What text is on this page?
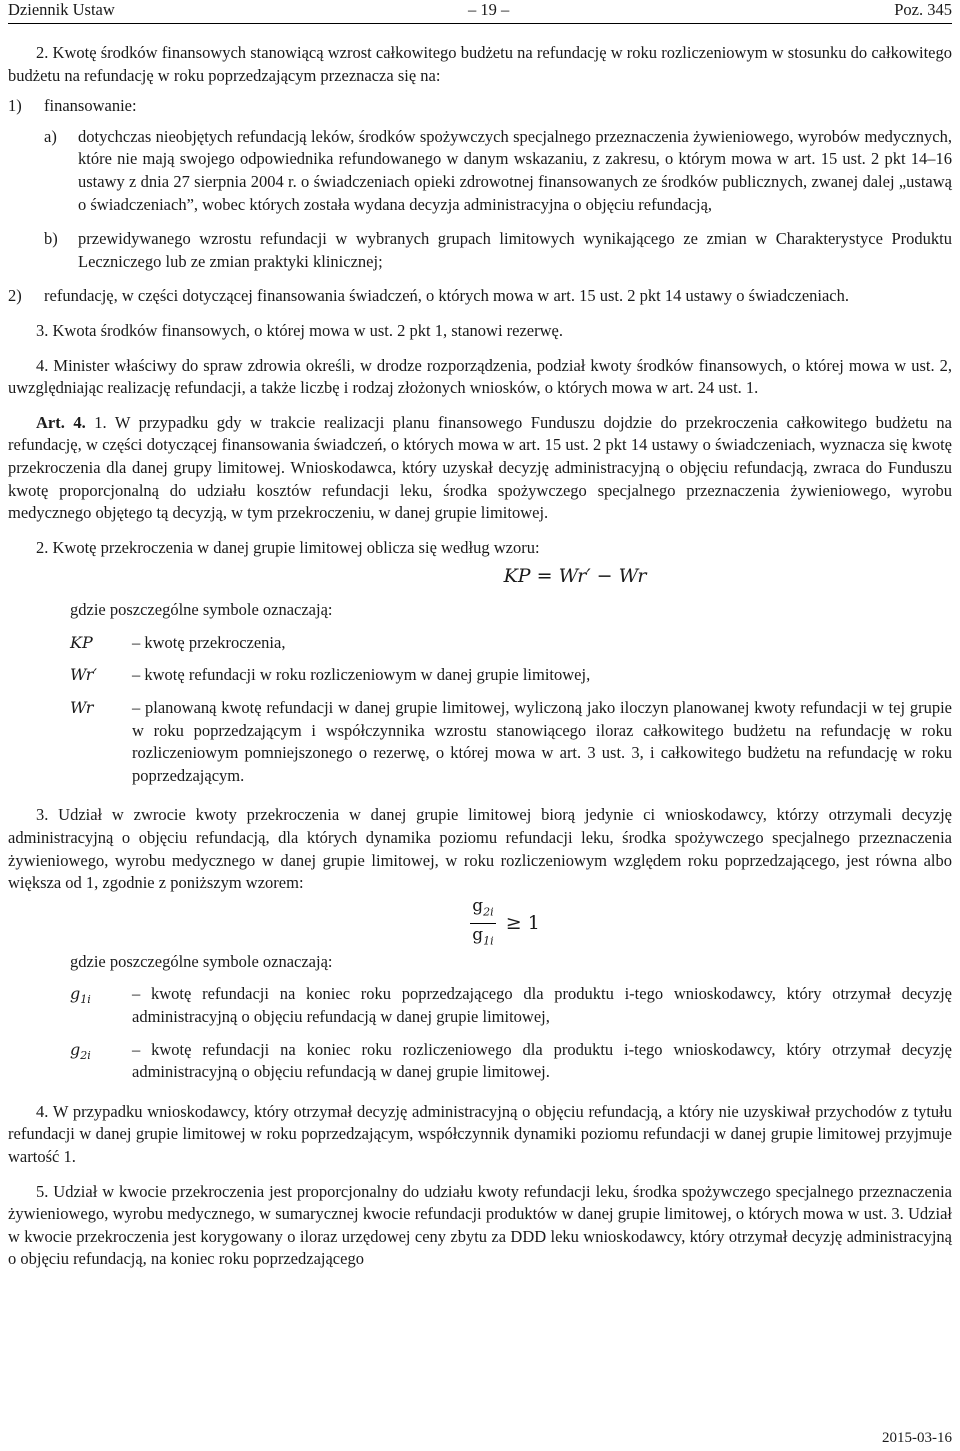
Dziennik Ustaw	– 19 –	Poz. 345

2. Kwotę środków finansowych stanowiącą wzrost całkowitego budżetu na refundację w roku rozliczeniowym w stosunku do całkowitego budżetu na refundację w roku poprzedzającym przeznacza się na:

1)	finansowanie:
a)	dotychczas nieobjętych refundacją leków, środków spożywczych specjalnego przeznaczenia żywieniowego, wyrobów medycznych, które nie mają swojego odpowiednika refundowanego w danym wskazaniu, z zakresu, o którym mowa w art. 15 ust. 2 pkt 14–16 ustawy z dnia 27 sierpnia 2004 r. o świadczeniach opieki zdrowotnej finansowanych ze środków publicznych, zwanej dalej „ustawą o świadczeniach”, wobec których została wydana decyzja administracyjna o objęciu refundacją,
b)	przewidywanego wzrostu refundacji w wybranych grupach limitowych wynikającego ze zmian w Charakterystyce Produktu Leczniczego lub ze zmian praktyki klinicznej;
2)	refundację, w części dotyczącej finansowania świadczeń, o których mowa w art. 15 ust. 2 pkt 14 ustawy o świadczeniach.

3. Kwota środków finansowych, o której mowa w ust. 2 pkt 1, stanowi rezerwę.

4. Minister właściwy do spraw zdrowia określi, w drodze rozporządzenia, podział kwoty środków finansowych, o której mowa w ust. 2, uwzględniając realizację refundacji, a także liczbę i rodzaj złożonych wniosków, o których mowa w art. 24 ust. 1.

Art. 4. 1. W przypadku gdy w trakcie realizacji planu finansowego Funduszu dojdzie do przekroczenia całkowitego budżetu na refundację, w części dotyczącej finansowania świadczeń, o których mowa w art. 15 ust. 2 pkt 14 ustawy o świadczeniach, wyznacza się kwotę przekroczenia dla danej grupy limitowej. Wnioskodawca, który uzyskał decyzję administracyjną o objęciu refundacją, zwraca do Funduszu kwotę proporcjonalną do udziału kosztów refundacji leku, środka spożywczego specjalnego przeznaczenia żywieniowego, wyrobu medycznego objętego tą decyzją, w tym przekroczeniu, w danej grupie limitowej.

2. Kwotę przekroczenia w danej grupie limitowej oblicza się według wzoru:

KP = Wr′ − Wr

gdzie poszczególne symbole oznaczają:

KP	– kwotę przekroczenia,
Wr′	– kwotę refundacji w roku rozliczeniowym w danej grupie limitowej,
Wr	– planowaną kwotę refundacji w danej grupie limitowej, wyliczoną jako iloczyn planowanej kwoty refundacji w tej grupie w roku poprzedzającym i współczynnika wzrostu stanowiącego iloraz całkowitego budżetu na refundację w roku rozliczeniowym pomniejszonego o rezerwę, o której mowa w art. 3 ust. 3, i całkowitego budżetu na refundację w roku poprzedzającym.

3. Udział w zwrocie kwoty przekroczenia w danej grupie limitowej biorą jedynie ci wnioskodawcy, którzy otrzymali decyzję administracyjną o objęciu refundacją, dla których dynamika poziomu refundacji leku, środka spożywczego specjalnego przeznaczenia żywieniowego, wyrobu medycznego w danej grupie limitowej, w roku rozliczeniowym względem roku poprzedzającego, jest równa albo większa od 1, zgodnie z poniższym wzorem:

$\frac{g_{2i}}{g_{1i}} \ge 1$

gdzie poszczególne symbole oznaczają:

$g_{1i}$	– kwotę refundacji na koniec roku poprzedzającego dla produktu i-tego wnioskodawcy, który otrzymał decyzję administracyjną o objęciu refundacją w danej grupie limitowej,
$g_{2i}$	– kwotę refundacji na koniec roku rozliczeniowego dla produktu i-tego wnioskodawcy, który otrzymał decyzję administracyjną o objęciu refundacją w danej grupie limitowej.

4. W przypadku wnioskodawcy, który otrzymał decyzję administracyjną o objęciu refundacją, a który nie uzyskiwał przychodów z tytułu refundacji w danej grupie limitowej w roku poprzedzającym, współczynnik dynamiki poziomu refundacji w danej grupie limitowej przyjmuje wartość 1.

5. Udział w kwocie przekroczenia jest proporcjonalny do udziału kwoty refundacji leku, środka spożywczego specjalnego przeznaczenia żywieniowego, wyrobu medycznego, w sumarycznej kwocie refundacji produktów w danej grupie limitowej, o których mowa w ust. 3. Udział w kwocie przekroczenia jest korygowany o iloraz urzędowej ceny zbytu za DDD leku wnioskodawcy, który otrzymał decyzję administracyjną o objęciu refundacją, na koniec roku poprzedzającego

2015-03-16
